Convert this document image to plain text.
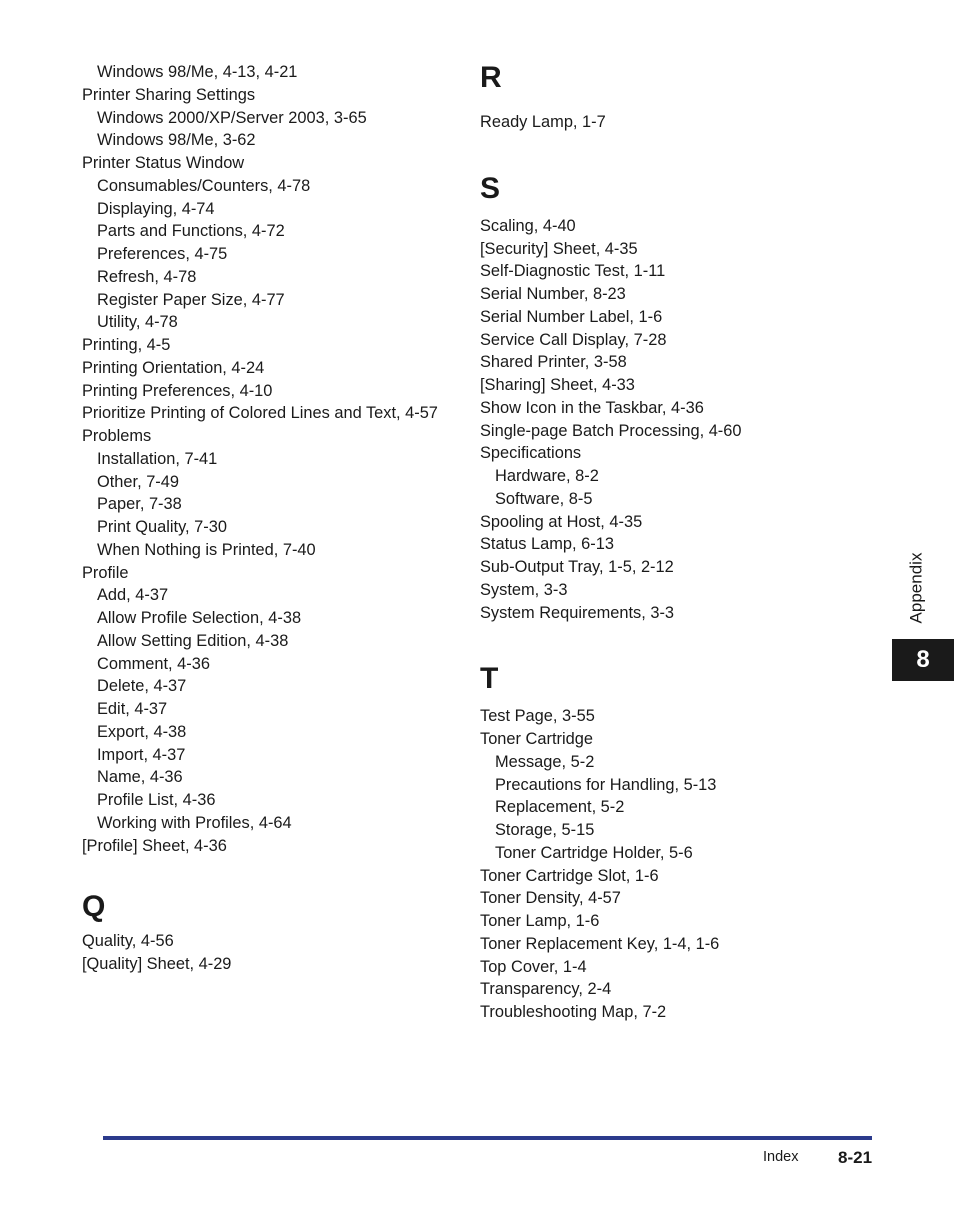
Windows 98/Me, 4-13, 4-21
Printer Sharing Settings
Windows 2000/XP/Server 2003, 3-65
Windows 98/Me, 3-62
Printer Status Window
Consumables/Counters, 4-78
Displaying, 4-74
Parts and Functions, 4-72
Preferences, 4-75
Refresh, 4-78
Register Paper Size, 4-77
Utility, 4-78
Printing, 4-5
Printing Orientation, 4-24
Printing Preferences, 4-10
Prioritize Printing of Colored Lines and Text, 4-57
Problems
Installation, 7-41
Other, 7-49
Paper, 7-38
Print Quality, 7-30
When Nothing is Printed, 7-40
Profile
Add, 4-37
Allow Profile Selection, 4-38
Allow Setting Edition, 4-38
Comment, 4-36
Delete, 4-37
Edit, 4-37
Export, 4-38
Import, 4-37
Name, 4-36
Profile List, 4-36
Working with Profiles, 4-64
[Profile] Sheet, 4-36
Q
Quality, 4-56
[Quality] Sheet, 4-29
R
Ready Lamp, 1-7
S
Scaling, 4-40
[Security] Sheet, 4-35
Self-Diagnostic Test, 1-11
Serial Number, 8-23
Serial Number Label, 1-6
Service Call Display, 7-28
Shared Printer, 3-58
[Sharing] Sheet, 4-33
Show Icon in the Taskbar, 4-36
Single-page Batch Processing, 4-60
Specifications
Hardware, 8-2
Software, 8-5
Spooling at Host, 4-35
Status Lamp, 6-13
Sub-Output Tray, 1-5, 2-12
System, 3-3
System Requirements, 3-3
T
Test Page, 3-55
Toner Cartridge
Message, 5-2
Precautions for Handling, 5-13
Replacement, 5-2
Storage, 5-15
Toner Cartridge Holder, 5-6
Toner Cartridge Slot, 1-6
Toner Density, 4-57
Toner Lamp, 1-6
Toner Replacement Key, 1-4, 1-6
Top Cover, 1-4
Transparency, 2-4
Troubleshooting Map, 7-2
Appendix
8
Index 8-21
